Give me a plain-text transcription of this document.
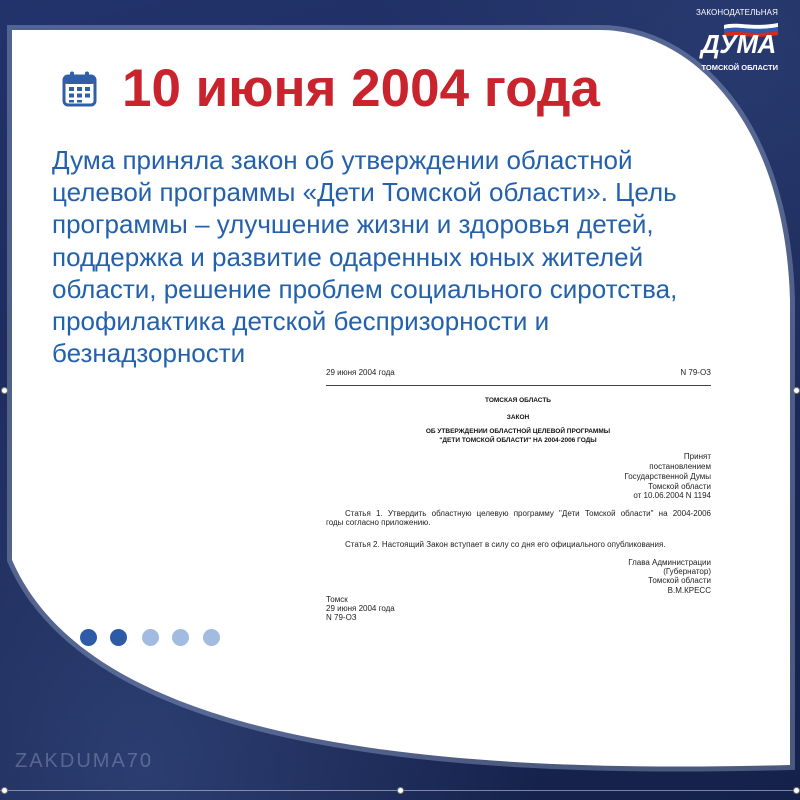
ЗАКОНОДАТЕЛЬНАЯ
ДУМА
ТОМСКОЙ ОБЛАСТИ
10 июня 2004 года
Дума приняла закон об утверждении областной
целевой программы «Дети Томской области». Цель
программы – улучшение жизни и здоровья детей,
поддержка и развитие одаренных юных жителей
области, решение проблем социального сиротства,
профилактика детской беспризорности и
безнадзорности
29 июня 2004 года	N 79-ОЗ
ТОМСКАЯ ОБЛАСТЬ
ЗАКОН
ОБ УТВЕРЖДЕНИИ ОБЛАСТНОЙ ЦЕЛЕВОЙ ПРОГРАММЫ
"ДЕТИ ТОМСКОЙ ОБЛАСТИ" НА 2004-2006 ГОДЫ
Принят
постановлением
Государственной Думы
Томской области
от 10.06.2004 N 1194
Статья 1. Утвердить областную целевую программу "Дети Томской области" на 2004-2006
годы согласно приложению.
Статья 2. Настоящий Закон вступает в силу со дня его официального опубликования.
Глава Администрации
(Губернатор)
Томской области
В.М.КРЕСС
Томск
29 июня 2004 года
N 79-ОЗ
ZAKDUMA70
